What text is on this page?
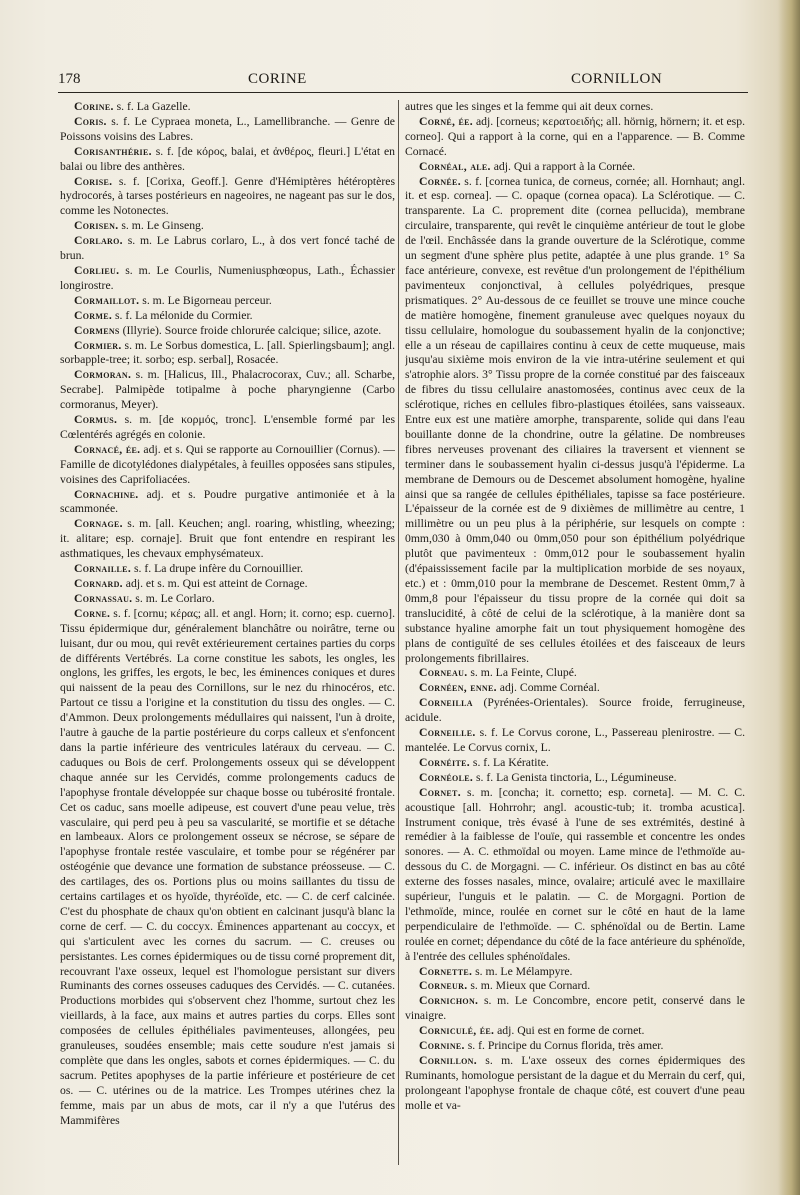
178	CORINE	CORNILLON

Corine. s. f. La Gazelle.

Coris. s. f. Le Cypraea moneta, L., Lamellibranche. — Genre de Poissons voisins des Labres.

Corisanthérie. s. f. [de κόρος, balai, et ἀνθέρος, fleuri.] L'état en balai ou libre des anthères.

Corise. s. f. [Corixa, Geoff.]. Genre d'Hémiptères hétéroptères hydrocorés, à tarses postérieurs en nageoires, ne nageant pas sur le dos, comme les Notonectes.

Corisen. s. m. Le Ginseng.

Corlaro. s. m. Le Labrus corlaro, L., à dos vert foncé taché de brun.

Corlieu. s. m. Le Courlis, Numeniusphœopus, Lath., Échassier longirostre.

Cormaillot. s. m. Le Bigorneau perceur.

Corme. s. f. La mélonide du Cormier.

Cormens (Illyrie). Source froide chlorurée calcique; silice, azote.

Cormier. s. m. Le Sorbus domestica, L. [all. Spierlingsbaum]; angl. sorbapple-tree; it. sorbo; esp. serbal], Rosacée.

Cormoran. s. m. [Halicus, Ill., Phalacrocorax, Cuv.; all. Scharbe, Secrabe]. Palmipède totipalme à poche pharyngienne (Carbo cormoranus, Meyer).

Cormus. s. m. [de κορμός, tronc]. L'ensemble formé par les Cœlentérés agrégés en colonie.

Cornacé, ée. adj. et s. Qui se rapporte au Cornouillier (Cornus). — Famille de dicotylédones dialypétales, à feuilles opposées sans stipules, voisines des Caprifoliacées.

Cornachine. adj. et s. Poudre purgative antimoniée et à la scammonée.

Cornage. s. m. [all. Keuchen; angl. roaring, whistling, wheezing; it. alitare; esp. cornaje]. Bruit que font entendre en respirant les asthmatiques, les chevaux emphysémateux.

Cornaille. s. f. La drupe infère du Cornouillier.

Cornard. adj. et s. m. Qui est atteint de Cornage.

Cornassau. s. m. Le Corlaro.

Corne. s. f. [cornu; κέρας; all. et angl. Horn; it. corno; esp. cuerno]. Tissu épidermique dur, généralement blanchâtre ou noirâtre, terne ou luisant, dur ou mou, qui revêt extérieurement certaines parties du corps de différents Vertébrés. La corne constitue les sabots, les ongles, les onglons, les griffes, les ergots, le bec, les éminences coniques et dures qui naissent de la peau des Cornillons, sur le nez du rhinocéros, etc. Partout ce tissu a l'origine et la constitution du tissu des ongles. — C. d'Ammon. Deux prolongements médullaires qui naissent, l'un à droite, l'autre à gauche de la partie postérieure du corps calleux et s'enfoncent dans la partie inférieure des ventricules latéraux du cerveau. — C. caduques ou Bois de cerf. Prolongements osseux qui se développent chaque année sur les Cervidés, comme prolongements caducs de l'apophyse frontale développée sur chaque bosse ou tubérosité frontale. Cet os caduc, sans moelle adipeuse, est couvert d'une peau velue, très vasculaire, qui perd peu à peu sa vascularité, se mortifie et se détache en lambeaux. Alors ce prolongement osseux se nécrose, se sépare de l'apophyse frontale restée vasculaire, et tombe pour se régénérer par ostéogénie que devance une formation de substance préosseuse. — C. des cartilages, des os. Portions plus ou moins saillantes du tissu de certains cartilages et os hyoïde, thyréoïde, etc. — C. de cerf calcinée. C'est du phosphate de chaux qu'on obtient en calcinant jusqu'à blanc la corne de cerf. — C. du coccyx. Éminences appartenant au coccyx, et qui s'articulent avec les cornes du sacrum. — C. creuses ou persistantes. Les cornes épidermiques ou de tissu corné proprement dit, recouvrant l'axe osseux, lequel est l'homologue persistant sur divers Ruminants des cornes osseuses caduques des Cervidés. — C. cutanées. Productions morbides qui s'observent chez l'homme, surtout chez les vieillards, à la face, aux mains et autres parties du corps. Elles sont composées de cellules épithéliales pavimenteuses, allongées, peu granuleuses, soudées ensemble; mais cette soudure n'est jamais si complète que dans les ongles, sabots et cornes épidermiques. — C. du sacrum. Petites apophyses de la partie inférieure et postérieure de cet os. — C. utérines ou de la matrice. Les Trompes utérines chez la femme, mais par un abus de mots, car il n'y a que l'utérus des Mammifères

autres que les singes et la femme qui ait deux cornes.

Corné, ée. adj. [corneus; κερατοειδής; all. hörnig, hörnern; it. et esp. corneo]. Qui a rapport à la corne, qui en a l'apparence. — B. Comme Cornacé.

Cornéal, ale. adj. Qui a rapport à la Cornée.

Cornée. s. f. [cornea tunica, de corneus, cornée; all. Hornhaut; angl. it. et esp. cornea]. — C. opaque (cornea opaca). La Sclérotique. — C. transparente. La C. proprement dite (cornea pellucida), membrane circulaire, transparente, qui revêt le cinquième antérieur de tout le globe de l'œil. Enchâssée dans la grande ouverture de la Sclérotique, comme un segment d'une sphère plus petite, adaptée à une plus grande. 1° Sa face antérieure, convexe, est revêtue d'un prolongement de l'épithélium pavimenteux conjonctival, à cellules polyédriques, presque prismatiques. 2° Au-dessous de ce feuillet se trouve une mince couche de matière homogène, finement granuleuse avec quelques noyaux du tissu cellulaire, homologue du soubassement hyalin de la conjonctive; elle a un réseau de capillaires continu à ceux de cette muqueuse, mais jusqu'au sixième mois environ de la vie intra-utérine seulement et qui s'atrophie alors. 3° Tissu propre de la cornée constitué par des faisceaux de fibres du tissu cellulaire anastomosées, continus avec ceux de la sclérotique, riches en cellules fibro-plastiques étoilées, sans vaisseaux. Entre eux est une matière amorphe, transparente, solide qui dans l'eau bouillante donne de la chondrine, outre la gélatine. De nombreuses fibres nerveuses provenant des ciliaires la traversent et viennent se terminer dans le soubassement hyalin ci-dessus jusqu'à l'épiderme. La membrane de Demours ou de Descemet absolument homogène, hyaline ainsi que sa rangée de cellules épithéliales, tapisse sa face postérieure. L'épaisseur de la cornée est de 9 dixièmes de millimètre au centre, 1 millimètre ou un peu plus à la périphérie, sur lesquels on compte : 0mm,030 à 0mm,040 ou 0mm,050 pour son épithélium polyédrique plutôt que pavimenteux : 0mm,012 pour le soubassement hyalin (d'épaississement facile par la multiplication morbide de ses noyaux, etc.) et : 0mm,010 pour la membrane de Descemet. Restent 0mm,7 à 0mm,8 pour l'épaisseur du tissu propre de la cornée qui doit sa translucidité, à côté de celui de la sclérotique, à la manière dont sa substance hyaline amorphe fait un tout physiquement homogène des plans de contiguïté de ses cellules étoilées et des faisceaux de leurs prolongements fibrillaires.

Corneau. s. m. La Feinte, Clupé.

Cornéen, enne. adj. Comme Cornéal.

Corneilla (Pyrénées-Orientales). Source froide, ferrugineuse, acidule.

Corneille. s. f. Le Corvus corone, L., Passereau plenirostre. — C. mantelée. Le Corvus cornix, L.

Cornéite. s. f. La Kératite.

Cornéole. s. f. La Genista tinctoria, L., Légumineuse.

Cornet. s. m. [concha; it. cornetto; esp. corneta]. — M. C. C. acoustique [all. Hohrrohr; angl. acoustic-tub; it. tromba acustica]. Instrument conique, très évasé à l'une de ses extrémités, destiné à remédier à la faiblesse de l'ouïe, qui rassemble et concentre les ondes sonores. — A. C. ethmoïdal ou moyen. Lame mince de l'ethmoïde au-dessous du C. de Morgagni. — C. inférieur. Os distinct en bas au côté externe des fosses nasales, mince, ovalaire; articulé avec le maxillaire supérieur, l'unguis et le palatin. — C. de Morgagni. Portion de l'ethmoïde, mince, roulée en cornet sur le côté en haut de la lame perpendiculaire de l'ethmoïde. — C. sphénoïdal ou de Bertin. Lame roulée en cornet; dépendance du côté de la face antérieure du sphénoïde, à l'entrée des cellules sphénoïdales.

Cornette. s. m. Le Mélampyre.

Corneur. s. m. Mieux que Cornard.

Cornichon. s. m. Le Concombre, encore petit, conservé dans le vinaigre.

Corniculé, ée. adj. Qui est en forme de cornet.

Cornine. s. f. Principe du Cornus florida, très amer.

Cornillon. s. m. L'axe osseux des cornes épidermiques des Ruminants, homologue persistant de la dague et du Merrain du cerf, qui, prolongeant l'apophyse frontale de chaque côté, est couvert d'une peau molle et va-
